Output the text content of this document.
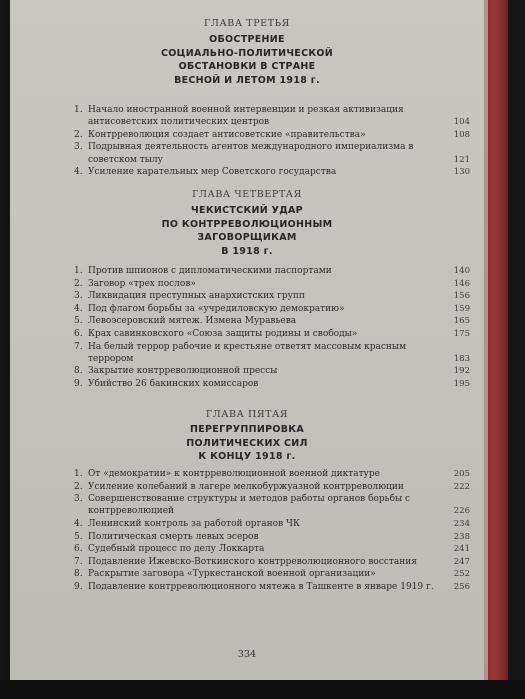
ГЛАВА ТРЕТЬЯ
ОБОСТРЕНИЕ
СОЦИАЛЬНО-ПОЛИТИЧЕСКОЙ
ОБСТАНОВКИ В СТРАНЕ
ВЕСНОЙ И ЛЕТОМ 1918 г.
1. Начало иностранной военной интервенции и резкая активизация антисоветских политических центров	104
2. Контрреволюция создает антисоветские «правительства»	108
3. Подрывная деятельность агентов международного империализма в советском тылу	121
4. Усиление карательных мер Советского государства	130
ГЛАВА ЧЕТВЕРТАЯ
ЧЕКИСТСКИЙ УДАР
ПО КОНТРРЕВОЛЮЦИОННЫМ
ЗАГОВОРЩИКАМ
В 1918 г.
1. Против шпионов с дипломатическими паспортами	140
2. Заговор «трех послов»	146
3. Ликвидация преступных анархистских групп	156
4. Под флагом борьбы за «учредиловскую демократию»	159
5. Левоэсеровский мятеж. Измена Муравьева	165
6. Крах савинковского «Союза защиты родины и свободы»	175
7. На белый террор рабочие и крестьяне ответят массовым красным террором	183
8. Закрытие контрреволюционной прессы	192
9. Убийство 26 бакинских комиссаров	195
ГЛАВА ПЯТАЯ
ПЕРЕГРУППИРОВКА
ПОЛИТИЧЕСКИХ СИЛ
К КОНЦУ 1918 г.
1. От «демократии» к контрреволюционной военной диктатуре	205
2. Усиление колебаний в лагере мелкобуржуазной контрреволюции	222
3. Совершенствование структуры и методов работы органов борьбы с контрреволюцией	226
4. Ленинский контроль за работой органов ЧК	234
5. Политическая смерть левых эсеров	238
6. Судебный процесс по делу Локкарта	241
7. Подавление Ижевско-Воткинского контрреволюционного восстания	247
8. Раскрытие заговора «Туркестанской военной организации»	252
9. Подавление контрреволюционного мятежа в Ташкенте в январе 1919 г.	256
334
